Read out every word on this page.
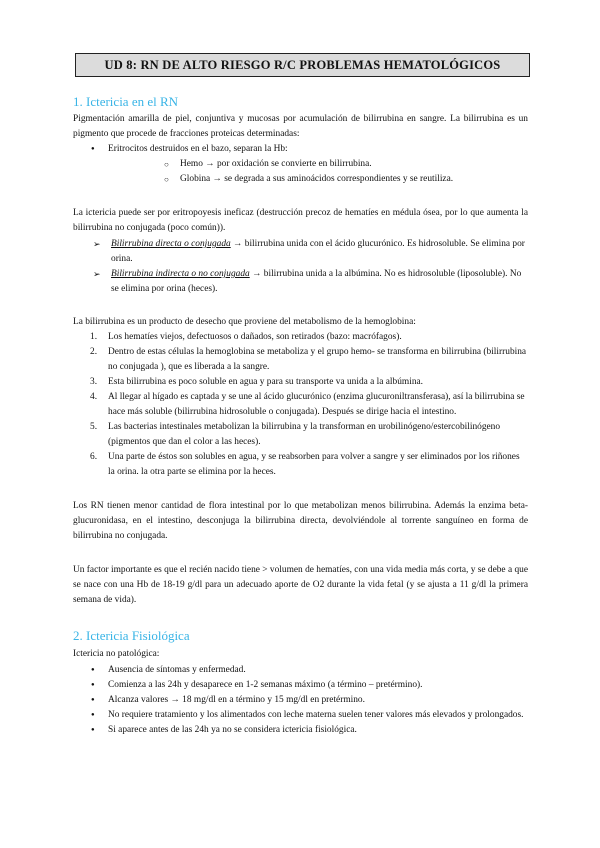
UD 8: RN DE ALTO RIESGO R/C PROBLEMAS HEMATOLÓGICOS
1. Ictericia en el RN

Pigmentación amarilla de piel, conjuntiva y mucosas por acumulación de bilirrubina en sangre. La bilirrubina es un pigmento que procede de fracciones proteicas determinadas:

● Eritrocitos destruidos en el bazo, separan la Hb:
○ Hemo → por oxidación se convierte en bilirrubina.
○ Globina → se degrada a sus aminoácidos correspondientes y se reutiliza.

La ictericia puede ser por eritropoyesis ineficaz (destrucción precoz de hematíes en médula ósea, por lo que aumenta la bilirrubina no conjugada (poco común)).

➢ Bilirrubina directa o conjugada → bilirrubina unida con el ácido glucurónico. Es hidrosoluble. Se elimina por orina.
➢ Bilirrubina indirecta o no conjugada → bilirrubina unida a la albúmina. No es hidrosoluble (liposoluble). No se elimina por orina (heces).

La bilirrubina es un producto de desecho que proviene del metabolismo de la hemoglobina:

1. Los hematíes viejos, defectuosos o dañados, son retirados (bazo: macrófagos).
2. Dentro de estas células la hemoglobina se metaboliza y el grupo hemo- se transforma en bilirrubina (bilirrubina no conjugada ), que es liberada a la sangre.
3. Esta bilirrubina es poco soluble en agua y para su transporte va unida a la albúmina.
4. Al llegar al hígado es captada y se une al ácido glucurónico (enzima glucuroniltransferasa), así la bilirrubina se hace más soluble (bilirrubina hidrosoluble o conjugada). Después se dirige hacia el intestino.
5. Las bacterias intestinales metabolizan la bilirrubina y la transforman en urobilinógeno/estercobilinógeno (pigmentos que dan el color a las heces).
6. Una parte de éstos son solubles en agua, y se reabsorben para volver a sangre y ser eliminados por los riñones la orina. la otra parte se elimina por la heces.

Los RN tienen menor cantidad de flora intestinal por lo que metabolizan menos bilirrubina. Además la enzima beta-glucuronidasa, en el intestino, desconjuga la bilirrubina directa, devolviéndole al torrente sanguíneo en forma de bilirrubina no conjugada.

Un factor importante es que el recién nacido tiene > volumen de hematíes, con una vida media más corta, y se debe a que se nace con una Hb de 18-19 g/dl para un adecuado aporte de O2 durante la vida fetal (y se ajusta a 11 g/dl la primera semana de vida).

2. Ictericia Fisiológica

Ictericia no patológica:

● Ausencia de síntomas y enfermedad.
● Comienza a las 24h y desaparece en 1-2 semanas máximo (a término – pretérmino).
● Alcanza valores → 18 mg/dl en a término y 15 mg/dl en pretérmino.
● No requiere tratamiento y los alimentados con leche materna suelen tener valores más elevados y prolongados.
● Si aparece antes de las 24h ya no se considera ictericia fisiológica.
